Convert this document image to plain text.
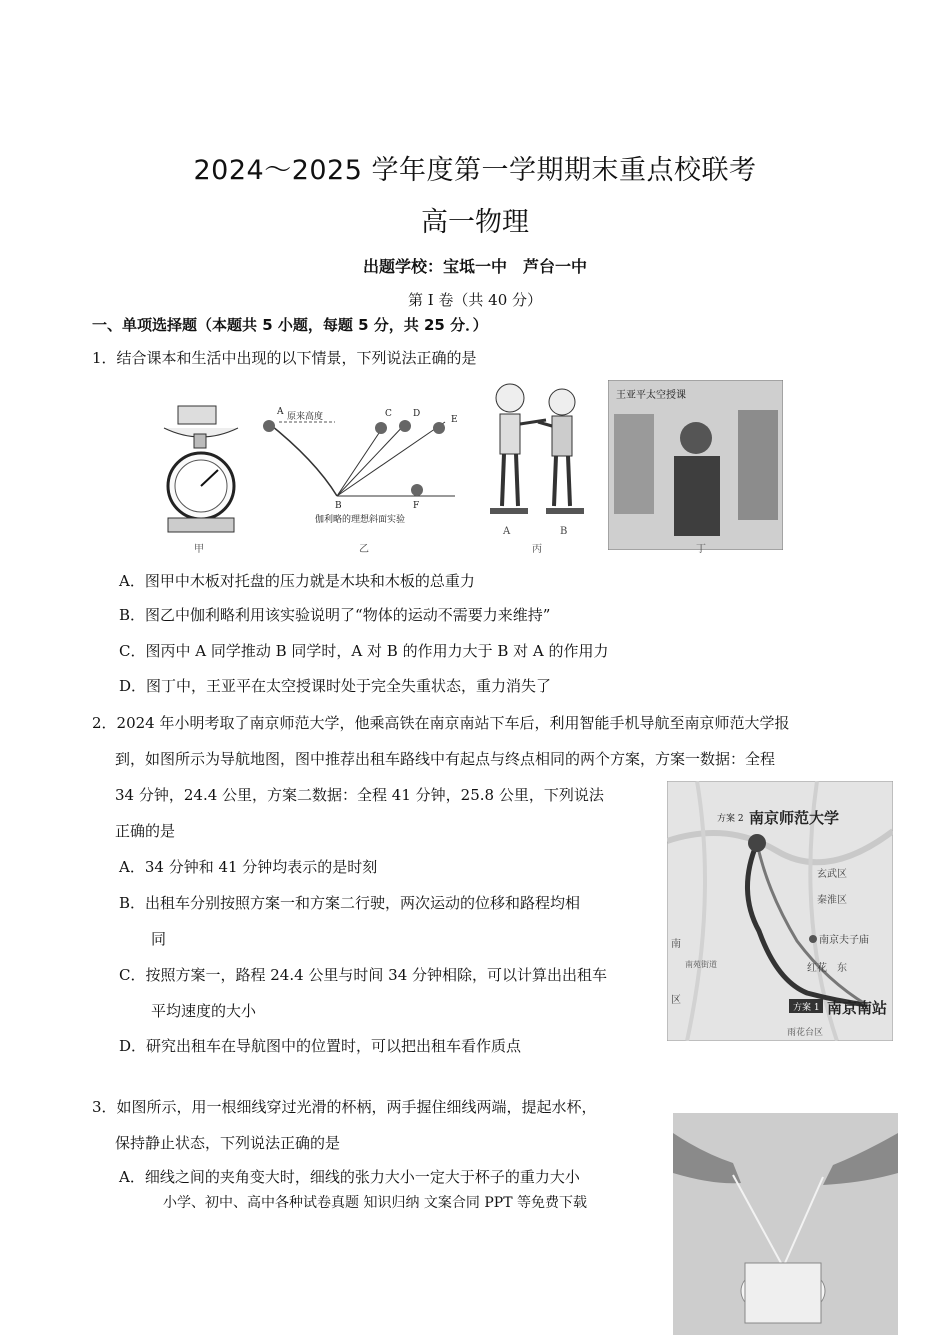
2024～2025 学年度第一学期期末重点校联考
高一物理
出题学校：宝坻一中　芦台一中
第 I 卷（共 40 分）
一、单项选择题（本题共 5 小题，每题 5 分，共 25 分．）
1．结合课本和生活中出现的以下情景，下列说法正确的是
甲
A 原来高度
B
C D
E
F
伽利略的理想斜面实验
乙
A	B
丙
王亚平太空授课
丁
A．图甲中木板对托盘的压力就是木块和木板的总重力
B．图乙中伽利略利用该实验说明了“物体的运动不需要力来维持”
C．图丙中 A 同学推动 B 同学时，A 对 B 的作用力大于 B 对 A 的作用力
D．图丁中，王亚平在太空授课时处于完全失重状态，重力消失了
2．2024 年小明考取了南京师范大学，他乘高铁在南京南站下车后，利用智能手机导航至南京师范大学报
到，如图所示为导航地图，图中推荐出租车路线中有起点与终点相同的两个方案，方案一数据：全程
34 分钟，24.4 公里，方案二数据：全程 41 分钟，25.8 公里，下列说法
正确的是
A．34 分钟和 41 分钟均表示的是时刻
B．出租车分别按照方案一和方案二行驶，两次运动的位移和路程均相
同
C．按照方案一，路程 24.4 公里与时间 34 分钟相除，可以计算出出租车
平均速度的大小
D．研究出租车在导航图中的位置时，可以把出租车看作质点
方案 2 南京师范大学
玄武区
秦淮区
南京夫子庙
南
南苑街道	红花 东
区
方案 1 南京南站
雨花台区
3．如图所示，用一根细线穿过光滑的杯柄，两手握住细线两端，提起水杯，
保持静止状态，下列说法正确的是
A．细线之间的夹角变大时，细线的张力大小一定大于杯子的重力大小
小学、初中、高中各种试卷真题 知识归纳 文案合同 PPT 等免费下载
